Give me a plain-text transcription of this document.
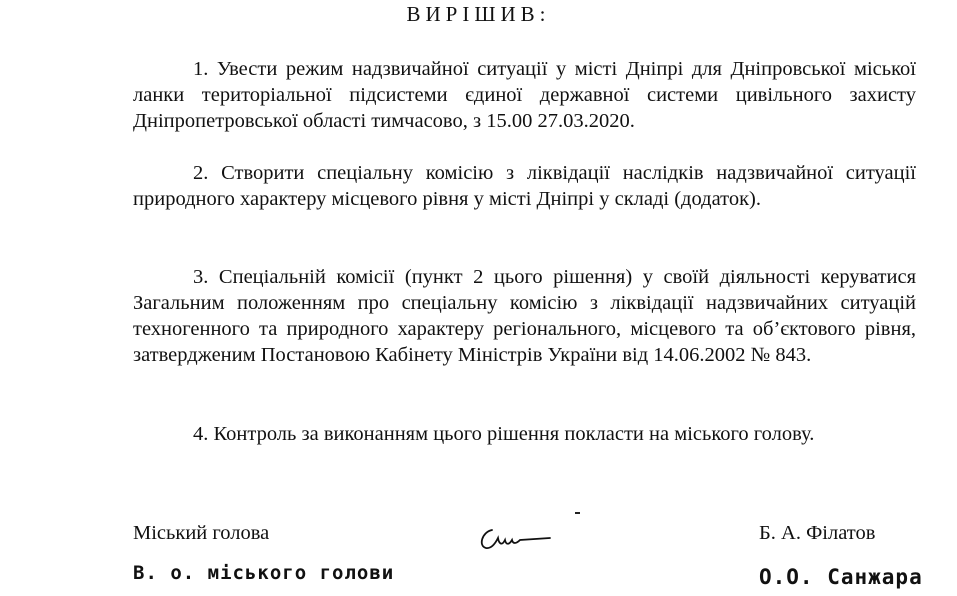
ВИРІШИВ:
1. Увести режим надзвичайної ситуації у місті Дніпрі для Дніпровської міської ланки територіальної підсистеми єдиної державної системи цивільного захисту Дніпропетровської області тимчасово, з 15.00 27.03.2020.
2. Створити спеціальну комісію з ліквідації наслідків надзвичайної ситуації природного характеру місцевого рівня у місті Дніпрі у складі (додаток).
3. Спеціальній комісії (пункт 2 цього рішення) у своїй діяльності керуватися Загальним положенням про спеціальну комісію з ліквідації надзвичайних ситуацій техногенного та природного характеру регіонального, місцевого та об’єктового рівня, затвердженим Постановою Кабінету Міністрів України від 14.06.2002 № 843.
4. Контроль за виконанням цього рішення покласти на міського голову.
Міський голова	Б. А. Філатов
В. о. міського голови	О.О. Санжара
